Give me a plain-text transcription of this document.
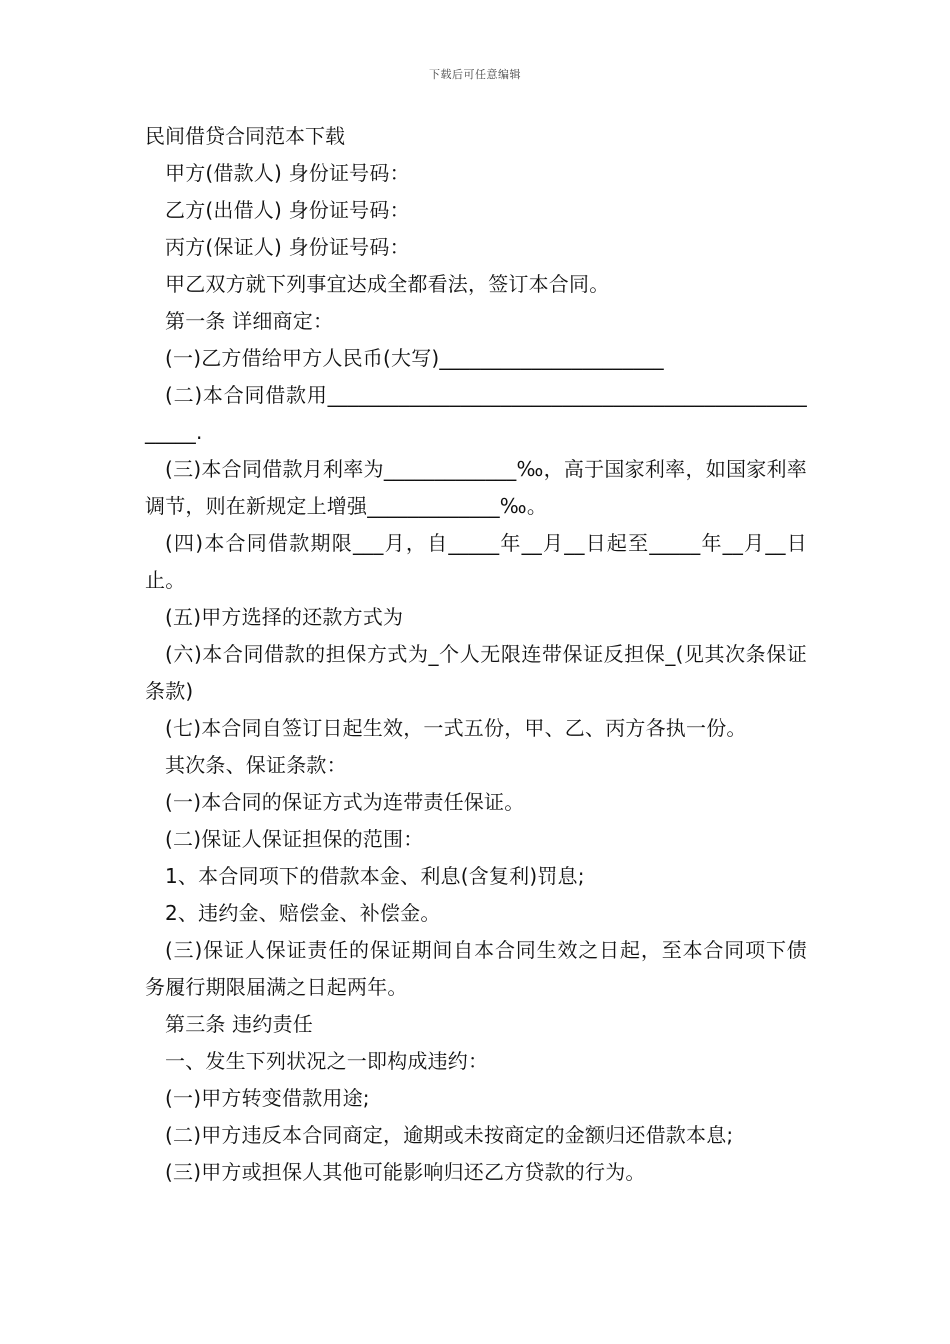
下载后可任意编辑
民间借贷合同范本下载
甲方(借款人) 身份证号码：
乙方(出借人) 身份证号码：
丙方(保证人) 身份证号码：
甲乙双方就下列事宜达成全都看法，签订本合同。
第一条 详细商定：
(一)乙方借给甲方人民币(大写)______________________
(二)本合同借款用____________________________________________________.
(三)本合同借款月利率为_____________‰，高于国家利率，如国家利率调节，则在新规定上增强_____________‰。
(四)本合同借款期限___月，自_____年__月__日起至_____年__月__日止。
(五)甲方选择的还款方式为
(六)本合同借款的担保方式为_个人无限连带保证反担保_(见其次条保证条款)
(七)本合同自签订日起生效，一式五份，甲、乙、丙方各执一份。
其次条、保证条款：
(一)本合同的保证方式为连带责任保证。
(二)保证人保证担保的范围：
1、本合同项下的借款本金、利息(含复利)罚息;
2、违约金、赔偿金、补偿金。
(三)保证人保证责任的保证期间自本合同生效之日起，至本合同项下债务履行期限届满之日起两年。
第三条 违约责任
一、发生下列状况之一即构成违约：
(一)甲方转变借款用途;
(二)甲方违反本合同商定，逾期或未按商定的金额归还借款本息;
(三)甲方或担保人其他可能影响归还乙方贷款的行为。
